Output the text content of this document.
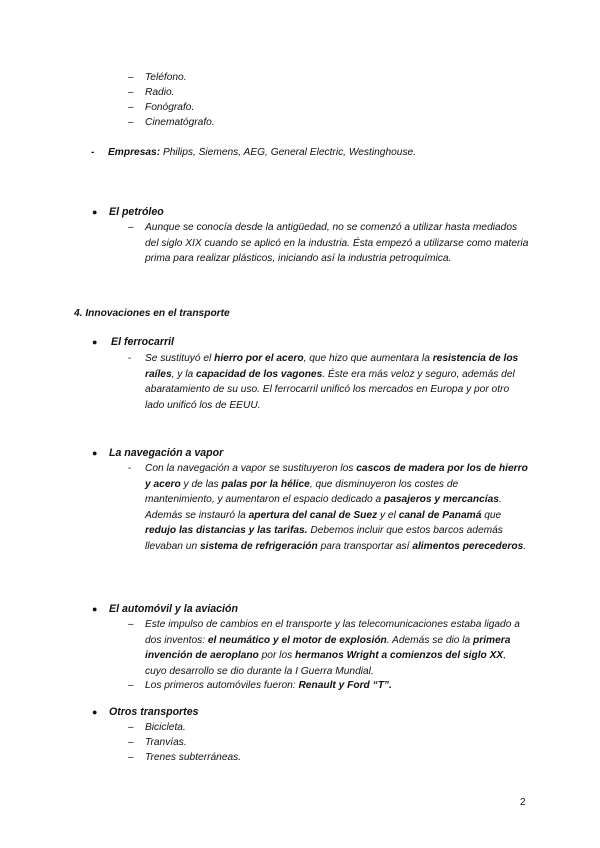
– Teléfono.
– Radio.
– Fonógrafo.
– Cinematógrafo.
- Empresas: Philips, Siemens, AEG, General Electric, Westinghouse.
● El petróleo
– Aunque se conocía desde la antigüedad, no se comenzó a utilizar hasta mediados del siglo XIX cuando se aplicó en la industria. Ésta empezó a utilizarse como materia prima para realizar plásticos, iniciando así la industria petroquímica.
4. Innovaciones en el transporte
● El ferrocarril
- Se sustituyó el hierro por el acero, que hizo que aumentara la resistencia de los raíles, y la capacidad de los vagones. Éste era más veloz y seguro, además del abaratamiento de su uso. El ferrocarril unificó los mercados en Europa y por otro lado unificó los de EEUU.
● La navegación a vapor
- Con la navegación a vapor se sustituyeron los cascos de madera por los de hierro y acero y de las palas por la hélice, que disminuyeron los costes de mantenimiento, y aumentaron el espacio dedicado a pasajeros y mercancías. Además se instauró la apertura del canal de Suez y el canal de Panamá que redujo las distancias y las tarifas. Debemos incluir que estos barcos además llevaban un sistema de refrigeración para transportar así alimentos perecederos.
● El automóvil y la aviación
– Este impulso de cambios en el transporte y las telecomunicaciones estaba ligado a dos inventos: el neumático y el motor de explosión. Además se dio la primera invención de aeroplano por los hermanos Wright a comienzos del siglo XX, cuyo desarrollo se dio durante la I Guerra Mundial.
– Los primeros automóviles fueron: Renault y Ford “T”.
● Otros transportes
– Bicicleta.
– Tranvías.
– Trenes subterráneas.
2
